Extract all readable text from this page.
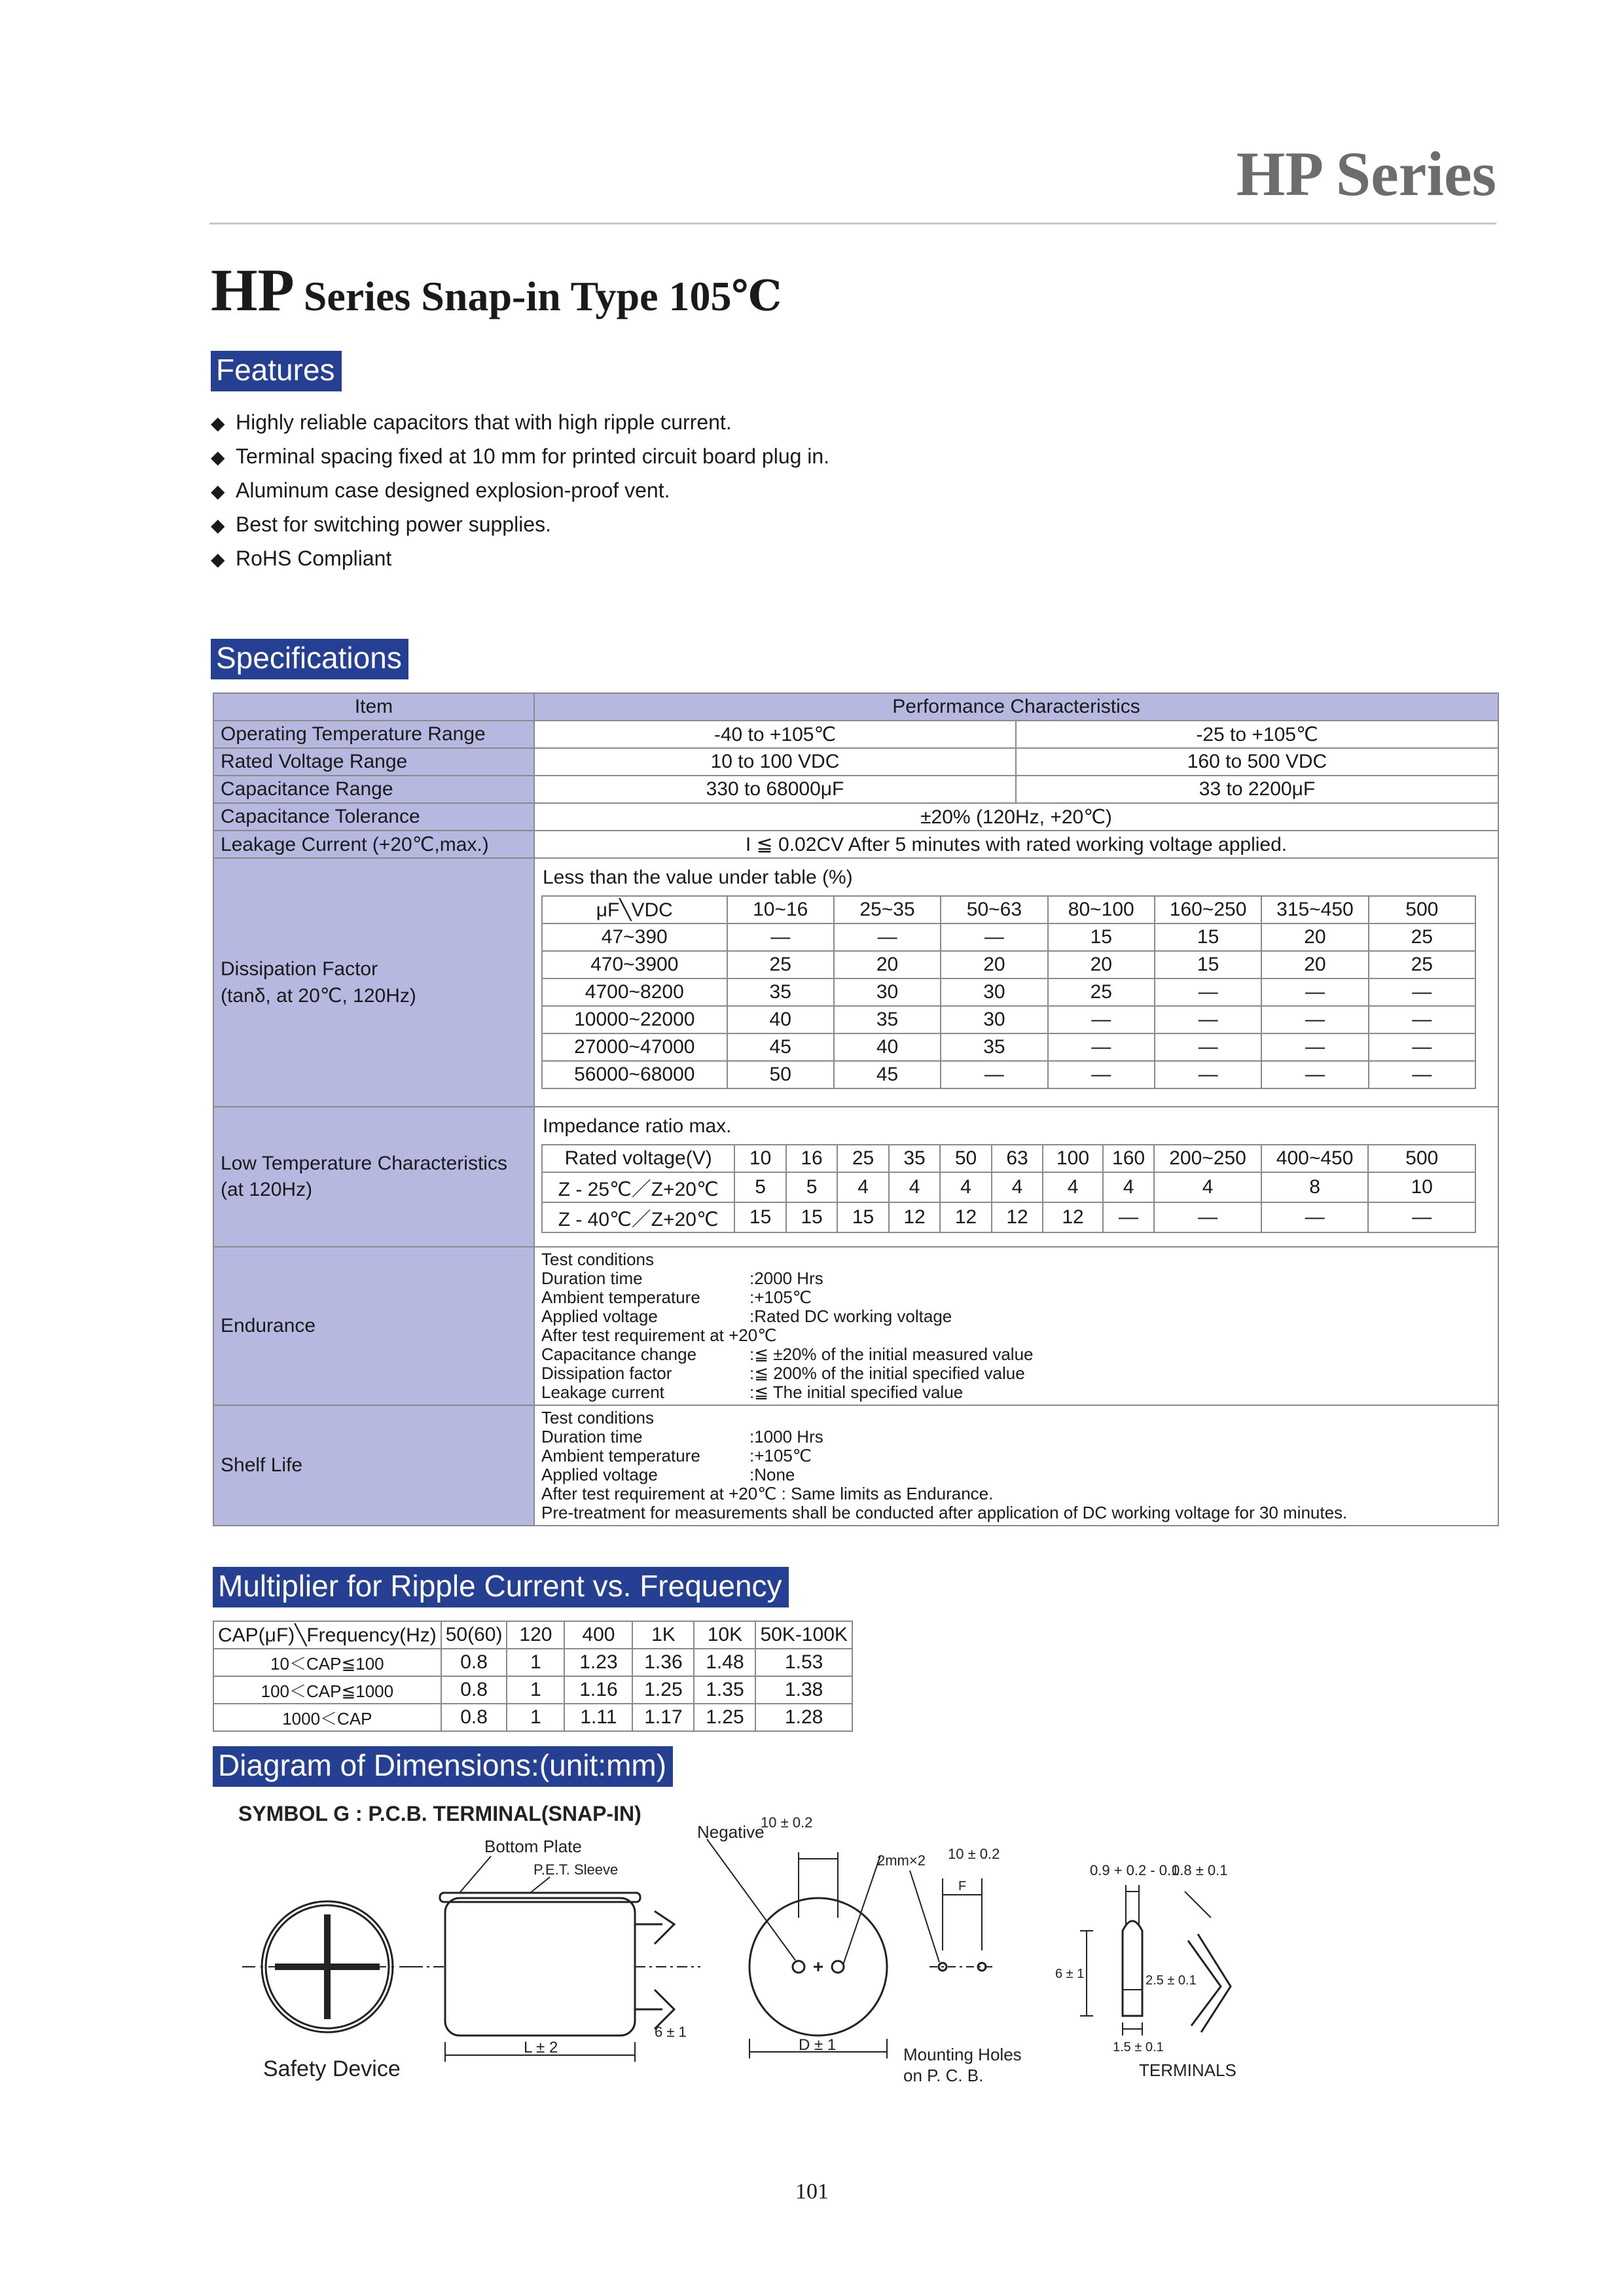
HP Series
HP Series Snap-in Type 105℃
Features
◆ Highly reliable capacitors that with high ripple current.
◆ Terminal spacing fixed at 10 mm for printed circuit board plug in.
◆ Aluminum case designed explosion-proof vent.
◆ Best for switching power supplies.
◆ RoHS Compliant
Specifications
Item	Performance Characteristics
Operating Temperature Range	-40 to +105℃	-25 to +105℃
Rated Voltage Range	10 to 100 VDC	160 to 500 VDC
Capacitance Range	330 to 68000μF	33 to 2200μF
Capacitance Tolerance	±20% (120Hz, +20℃)
Leakage Current (+20℃,max.)	I ≦ 0.02CV After 5 minutes with rated working voltage applied.

Dissipation Factor
(tanδ, at 20℃, 120Hz)

Less than the value under table (%)
μF╲VDC	10~16	25~35	50~63	80~100	160~250	315~450	500
47~390	—	—	—	15	15	20	25
470~3900	25	20	20	20	15	20	25
4700~8200	35	30	30	25	—	—	—
10000~22000	40	35	30	—	—	—	—
27000~47000	45	40	35	—	—	—	—
56000~68000	50	45	—	—	—	—	—

Low Temperature Characteristics
(at 120Hz)

Impedance ratio max.
Rated voltage(V)	10	16	25	35	50	63	100	160	200~250	400~450	500
Z - 25℃／Z+20℃	5	5	4	4	4	4	4	4	4	8	10
Z - 40℃／Z+20℃	15	15	15	12	12	12	12	—	—	—	—

Endurance	
Test conditions
Duration time	:2000 Hrs
Ambient temperature	:+105℃
Applied voltage	:Rated DC working voltage
After test requirement at +20℃
Capacitance change	:≦ ±20% of the initial measured value
Dissipation factor	:≦ 200% of the initial specified value
Leakage current	:≦ The initial specified value

Shelf Life	
Test conditions
Duration time	:1000 Hrs
Ambient temperature	:+105℃
Applied voltage	:None
After test requirement at +20℃ : Same limits as Endurance.
Pre-treatment for measurements shall be conducted after application of DC working voltage for 30 minutes.
Multiplier for Ripple Current vs. Frequency
CAP(μF)╲Frequency(Hz)	50(60)	120	400	1K	10K	50K-100K
10＜CAP≦100	0.8	1	1.23	1.36	1.48	1.53
100＜CAP≦1000	0.8	1	1.16	1.25	1.35	1.38
1000＜CAP	0.8	1	1.11	1.17	1.25	1.28
Diagram of Dimensions:(unit:mm)
SYMBOL G : P.C.B. TERMINAL(SNAP-IN)
Safety Device
Bottom Plate
P.E.T. Sleeve
L ± 2
6 ± 1
Negative
10 ± 0.2
D ± 1
2mm×2 10 ± 0.2
F
Mounting Holes
on P. C. B.
0.9 + 0.2 - 0.1
0.8 ± 0.1
2.5 ± 0.1
6 ± 1
1.5 ± 0.1
TERMINALS
101
